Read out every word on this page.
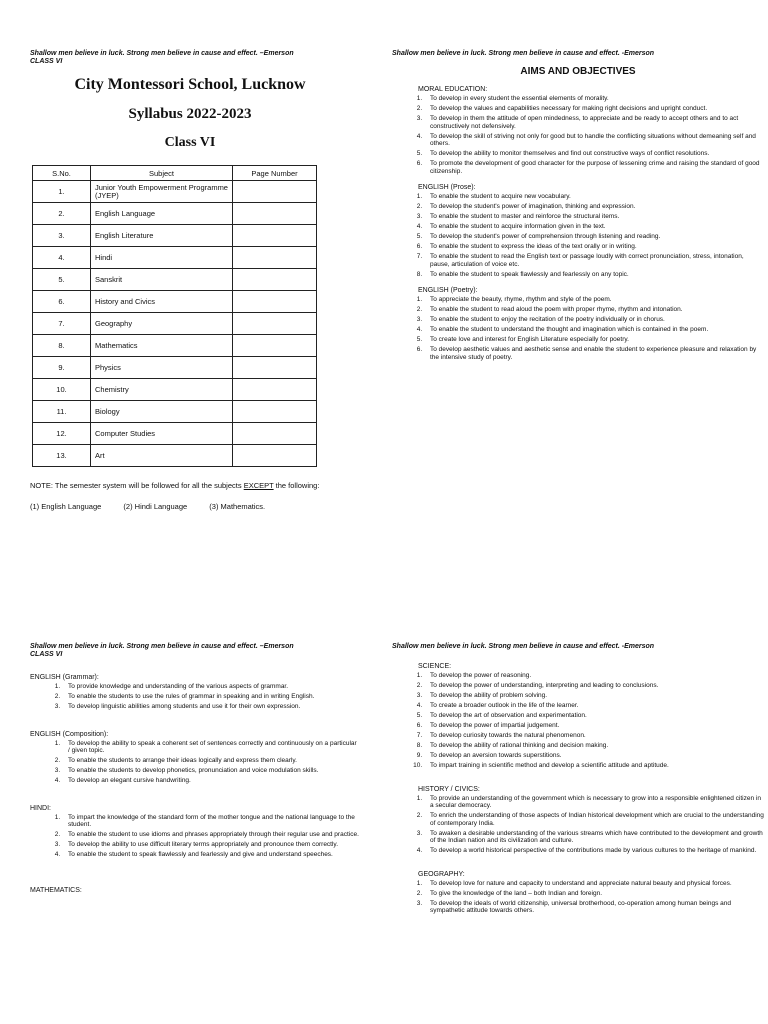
Shallow men believe in luck. Strong men believe in cause and effect. –Emerson
CLASS VI
City Montessori School, Lucknow
Syllabus 2022-2023
Class VI
S.No.	Subject	Page Number
1.	Junior Youth Empowerment Programme (JYEP)	
2.	English Language	
3.	English Literature	
4.	Hindi	
5.	Sanskrit	
6.	History and Civics	
7.	Geography	
8.	Mathematics	
9.	Physics	
10.	Chemistry	
11.	Biology	
12.	Computer Studies	
13.	Art	
NOTE: The semester system will be followed for all the subjects EXCEPT the following:
(1) English Language	(2) Hindi Language	(3) Mathematics.
Shallow men believe in luck. Strong men believe in cause and effect. -Emerson
AIMS AND OBJECTIVES
MORAL EDUCATION:
1. To develop in every student the essential elements of morality.
2. To develop the values and capabilities necessary for making right decisions and upright conduct.
3. To develop in them the attitude of open mindedness, to appreciate and be ready to accept others and to act constructively not defensively.
4. To develop the skill of striving not only for good but to handle the conflicting situations without demeaning self and others.
5. To develop the ability to monitor themselves and find out constructive ways of conflict resolutions.
6. To promote the development of good character for the purpose of lessening crime and raising the standard of good citizenship.
ENGLISH (Prose):
1. To enable the student to acquire new vocabulary.
2. To develop the student's power of imagination, thinking and expression.
3. To enable the student to master and reinforce the structural items.
4. To enable the student to acquire information given in the text.
5. To develop the student's power of comprehension through listening and reading.
6. To enable the student to express the ideas of the text orally or in writing.
7. To enable the student to read the English text or passage loudly with correct pronunciation, stress, intonation, pause, articulation of voice etc.
8. To enable the student to speak flawlessly and fearlessly on any topic.
ENGLISH (Poetry):
1. To appreciate the beauty, rhyme, rhythm and style of the poem.
2. To enable the student to read aloud the poem with proper rhyme, rhythm and intonation.
3. To enable the student to enjoy the recitation of the poetry individually or in chorus.
4. To enable the student to understand the thought and imagination which is contained in the poem.
5. To create love and interest for English Literature especially for poetry.
6. To develop aesthetic values and aesthetic sense and enable the student to experience pleasure and relaxation by the intensive study of poetry.
Shallow men believe in luck. Strong men believe in cause and effect. –Emerson
CLASS VI
ENGLISH (Grammar):
1. To provide knowledge and understanding of the various aspects of grammar.
2. To enable the students to use the rules of grammar in speaking and in writing English.
3. To develop linguistic abilities among students and use it for their own expression.
ENGLISH (Composition):
1. To develop the ability to speak a coherent set of sentences correctly and continuously on a particular / given topic.
2. To enable the students to arrange their ideas logically and express them clearly.
3. To enable the students to develop phonetics, pronunciation and voice modulation skills.
4. To develop an elegant cursive handwriting.
HINDI:
1. To impart the knowledge of the standard form of the mother tongue and the national language to the student.
2. To enable the student to use idioms and phrases appropriately through their regular use and practice.
3. To develop the ability to use difficult literary terms appropriately and pronounce them correctly.
4. To enable the student to speak flawlessly and fearlessly and give and understand speeches.
MATHEMATICS:
Shallow men believe in luck. Strong men believe in cause and effect. -Emerson
SCIENCE:
1. To develop the power of reasoning.
2. To develop the power of understanding, interpreting and leading to conclusions.
3. To develop the ability of problem solving.
4. To create a broader outlook in the life of the learner.
5. To develop the art of observation and experimentation.
6. To develop the power of impartial judgement.
7. To develop curiosity towards the natural phenomenon.
8. To develop the ability of rational thinking and decision making.
9. To develop an aversion towards superstitions.
10. To impart training in scientific method and develop a scientific attitude and aptitude.
HISTORY / CIVICS:
1. To provide an understanding of the government which is necessary to grow into a responsible enlightened citizen in a secular democracy.
2. To enrich the understanding of those aspects of Indian historical development which are crucial to the understanding of contemporary India.
3. To awaken a desirable understanding of the various streams which have contributed to the development and growth of the Indian nation and its civilization and culture.
4. To develop a world historical perspective of the contributions made by various cultures to the heritage of mankind.
GEOGRAPHY:
1. To develop love for nature and capacity to understand and appreciate natural beauty and physical forces.
2. To give the knowledge of the land – both Indian and foreign.
3. To develop the ideals of world citizenship, universal brotherhood, co-operation among human beings and sympathetic attitude towards others.
